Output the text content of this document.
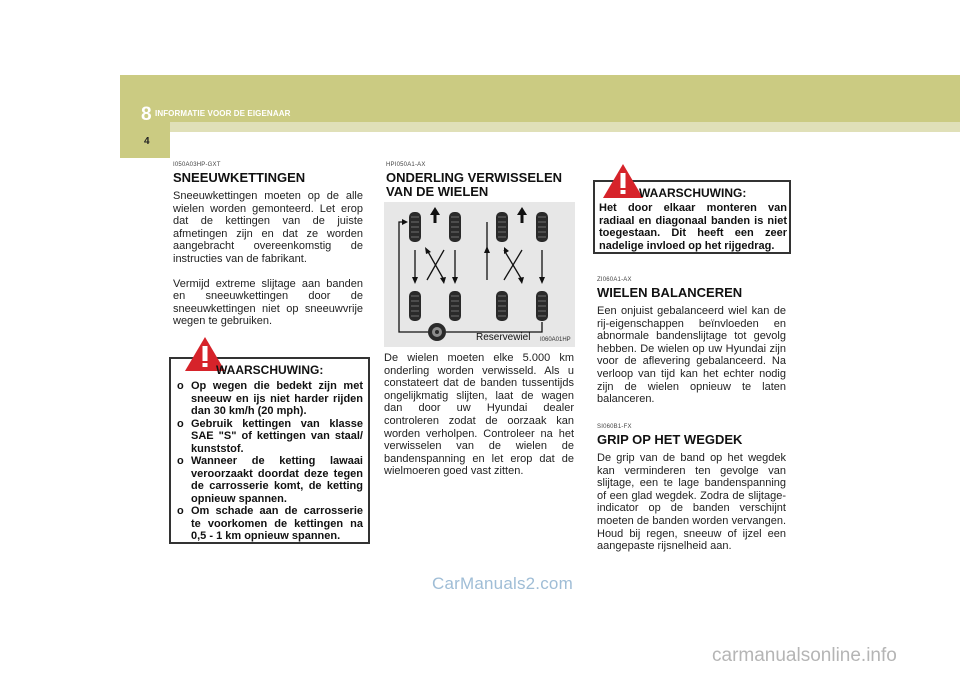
8 INFORMATIE VOOR DE EIGENAAR
4
I050A03HP-GXT
SNEEUWKETTINGEN

Sneeuwkettingen moeten op de alle wielen worden gemonteerd. Let erop dat de kettingen van de juiste afmetingen zijn en dat ze worden aangebracht overeenkomstig de instructies van de fabrikant.

Vermijd extreme slijtage aan banden en sneeuwkettingen door de sneeuwkettingen niet op sneeuwvrije wegen te gebruiken.

WAARSCHUWING:
o Op wegen die bedekt zijn met sneeuw en ijs niet harder rijden dan 30 km/h (20 mph).
o Gebruik kettingen van klasse SAE "S" of kettingen van staal/ kunststof.
o Wanneer de ketting lawaai veroorzaakt doordat deze tegen de carrosserie komt, de ketting opnieuw spannen.
o Om schade aan de carrosserie te voorkomen de kettingen na 0,5 - 1 km opnieuw spannen.
HPI050A1-AX
ONDERLING VERWISSELEN
VAN DE WIELEN
Reservewiel I060A01HP

De wielen moeten elke 5.000 km onderling worden verwisseld. Als u constateert dat de banden tussentijds ongelijkmatig slijten, laat de wagen dan door uw Hyundai dealer controleren zodat de oorzaak kan worden verholpen. Controleer na het verwisselen van de wielen de bandenspanning en let erop dat de wielmoeren goed vast zitten.

WAARSCHUWING:
Het door elkaar monteren van radiaal en diagonaal banden is niet toegestaan. Dit heeft een zeer nadelige invloed op het rijgedrag.
ZI060A1-AX
WIELEN BALANCEREN

Een onjuist gebalanceerd wiel kan de rij-eigenschappen beïnvloeden en abnormale bandenslijtage tot gevolg hebben. De wielen op uw Hyundai zijn voor de aflevering gebalanceerd. Na verloop van tijd kan het echter nodig zijn de wielen opnieuw te laten balanceren.

SI060B1-FX
GRIP OP HET WEGDEK

De grip van de band op het wegdek kan verminderen ten gevolge van slijtage, een te lage bandenspanning of een glad wegdek. Zodra de slijtage-indicator op de banden verschijnt moeten de banden worden vervangen. Houd bij regen, sneeuw of ijzel een aangepaste rijsnelheid aan.

CarManuals2.com
carmanualsonline.info
